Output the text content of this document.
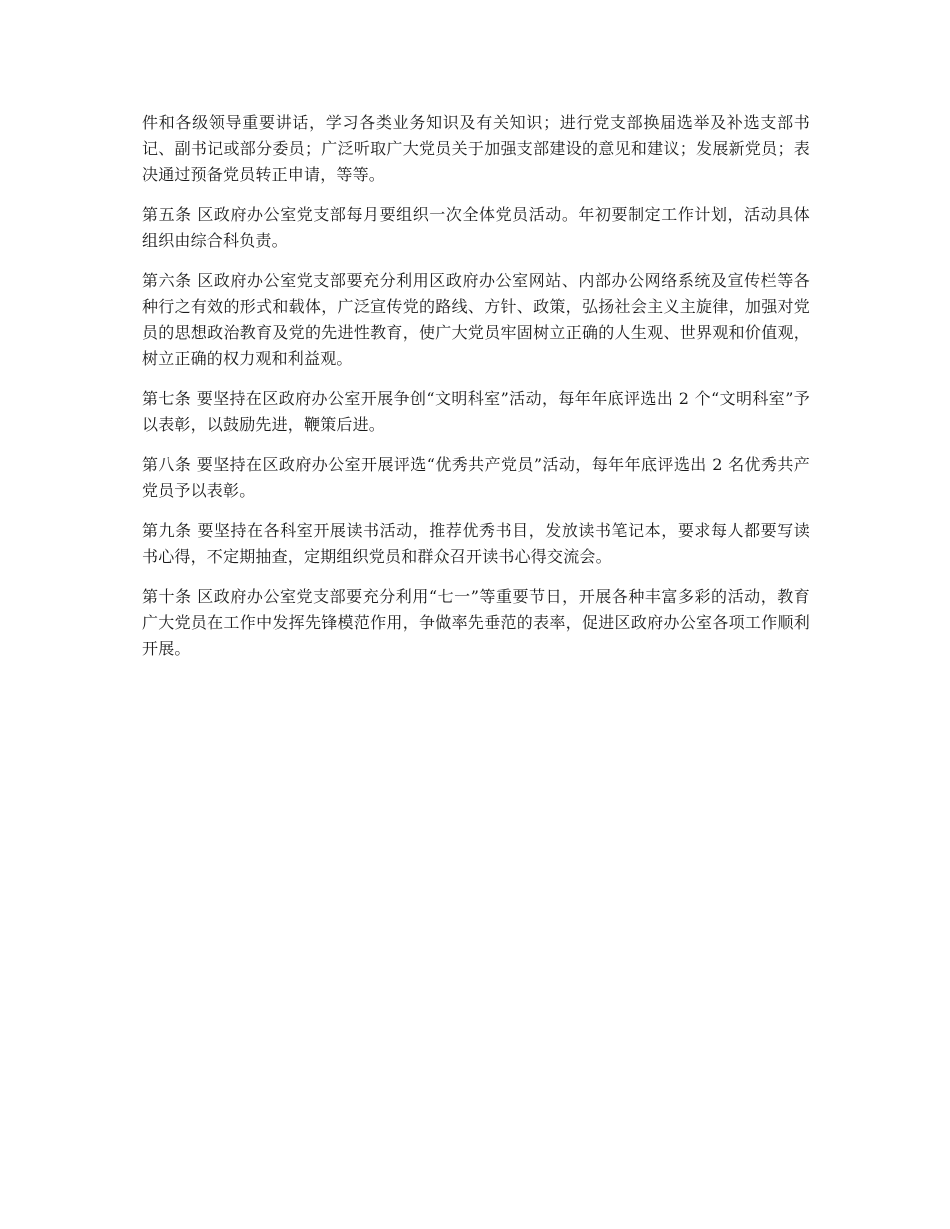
件和各级领导重要讲话，学习各类业务知识及有关知识；进行党支部换届选举及补选支部书记、副书记或部分委员；广泛听取广大党员关于加强支部建设的意见和建议；发展新党员；表决通过预备党员转正申请，等等。

第五条 区政府办公室党支部每月要组织一次全体党员活动。年初要制定工作计划，活动具体组织由综合科负责。

第六条 区政府办公室党支部要充分利用区政府办公室网站、内部办公网络系统及宣传栏等各种行之有效的形式和载体，广泛宣传党的路线、方针、政策，弘扬社会主义主旋律，加强对党员的思想政治教育及党的先进性教育，使广大党员牢固树立正确的人生观、世界观和价值观，树立正确的权力观和利益观。

第七条 要坚持在区政府办公室开展争创“文明科室”活动，每年年底评选出 2 个“文明科室”予以表彰，以鼓励先进，鞭策后进。

第八条 要坚持在区政府办公室开展评选“优秀共产党员”活动，每年年底评选出 2 名优秀共产党员予以表彰。

第九条 要坚持在各科室开展读书活动，推荐优秀书目，发放读书笔记本，要求每人都要写读书心得，不定期抽查，定期组织党员和群众召开读书心得交流会。

第十条 区政府办公室党支部要充分利用“七一”等重要节日，开展各种丰富多彩的活动，教育广大党员在工作中发挥先锋模范作用，争做率先垂范的表率，促进区政府办公室各项工作顺利开展。
